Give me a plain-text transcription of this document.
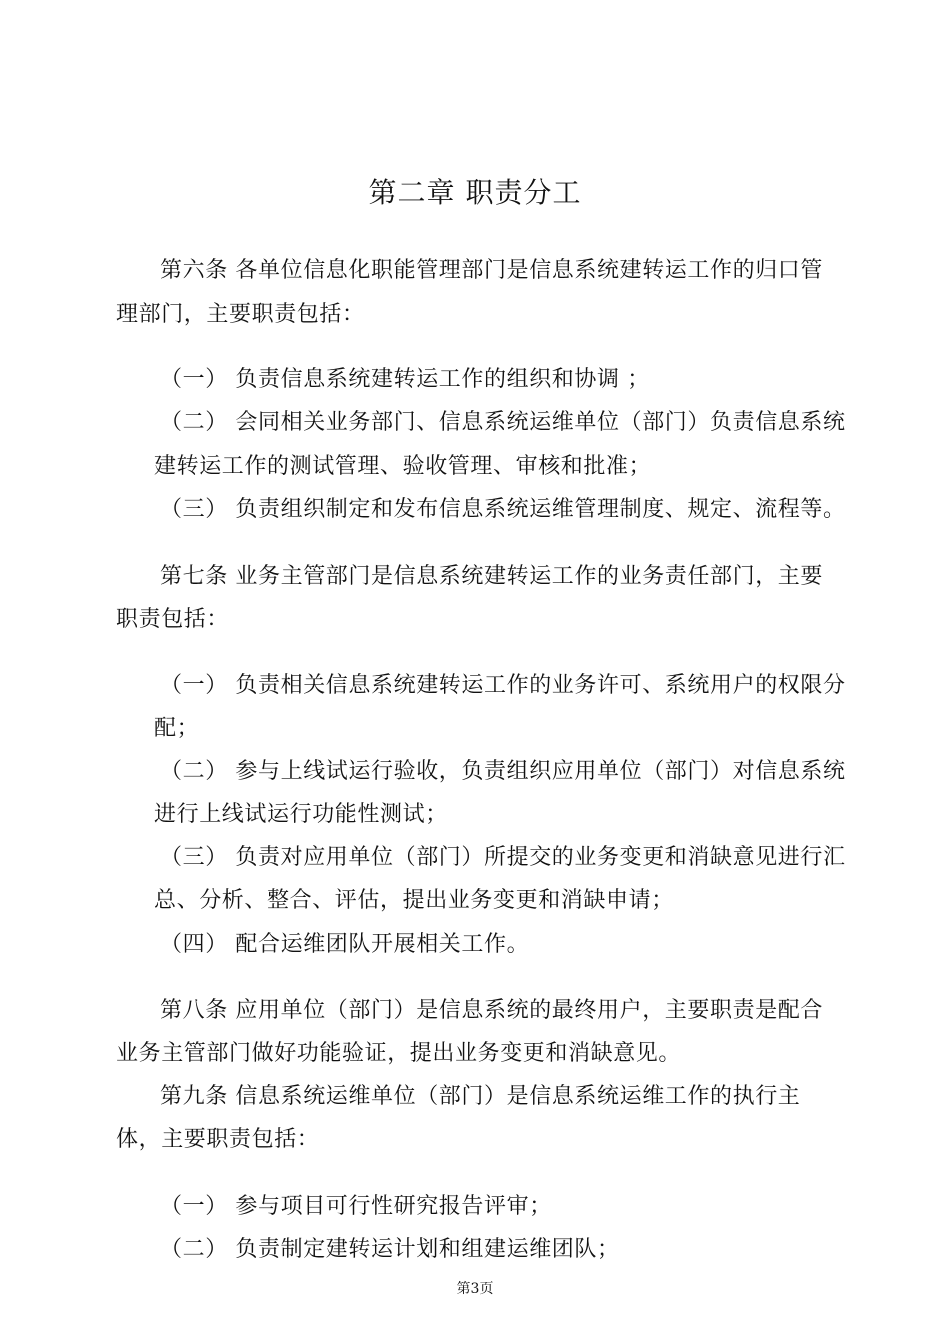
第二章 职责分工
第六条 各单位信息化职能管理部门是信息系统建转运工作的归口管
理部门，主要职责包括：
（一） 负责信息系统建转运工作的组织和协调 ；
（二） 会同相关业务部门、信息系统运维单位（部门）负责信息系统
建转运工作的测试管理、验收管理、审核和批准；
（三） 负责组织制定和发布信息系统运维管理制度、规定、流程等。
第七条 业务主管部门是信息系统建转运工作的业务责任部门，主要
职责包括：
（一） 负责相关信息系统建转运工作的业务许可、系统用户的权限分
配；
（二） 参与上线试运行验收，负责组织应用单位（部门）对信息系统
进行上线试运行功能性测试；
（三） 负责对应用单位（部门）所提交的业务变更和消缺意见进行汇
总、分析、整合、评估，提出业务变更和消缺申请；
（四） 配合运维团队开展相关工作。
第八条 应用单位（部门）是信息系统的最终用户，主要职责是配合
业务主管部门做好功能验证，提出业务变更和消缺意见。
第九条 信息系统运维单位（部门）是信息系统运维工作的执行主
体，主要职责包括：
（一） 参与项目可行性研究报告评审；
（二） 负责制定建转运计划和组建运维团队；
第3页
